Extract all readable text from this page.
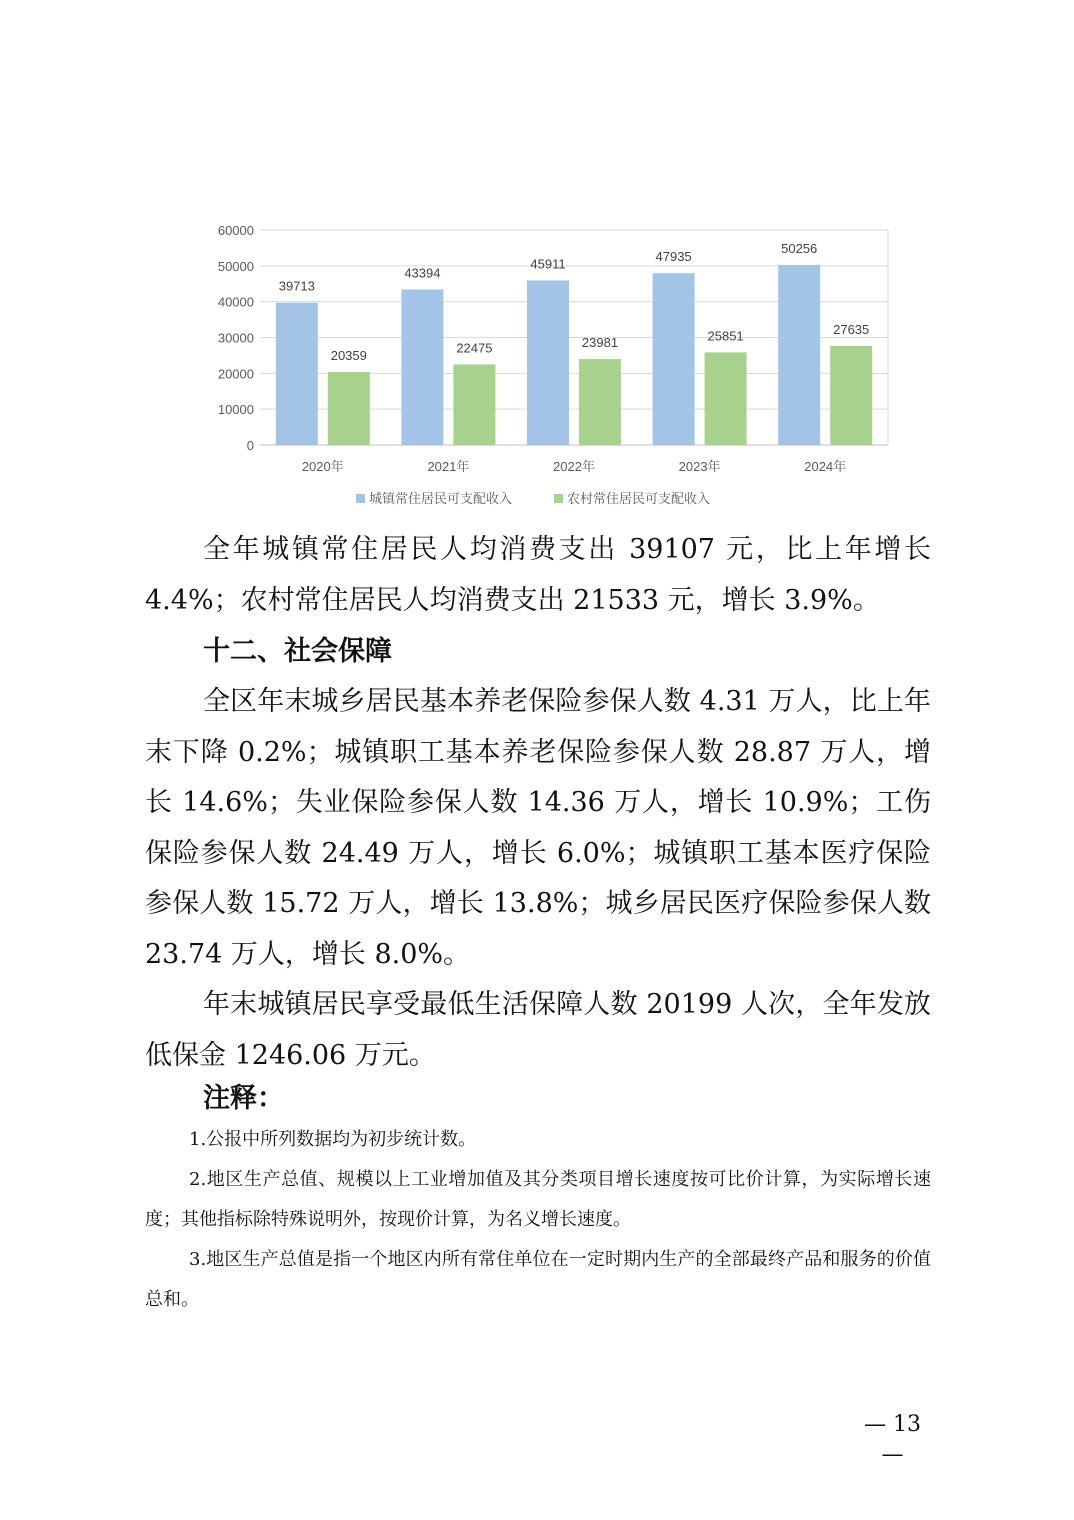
0
10000
20000
30000
40000
50000
60000
39713
20359
43394
22475
45911
23981
47935
25851
50256
27635
2020年	2021年	2022年	2023年	2024年
城镇常住居民可支配收入	农村常住居民可支配收入

全年城镇常住居民人均消费支出 39107 元，比上年增长 4.4%；农村常住居民人均消费支出 21533 元，增长 3.9%。

十二、社会保障

全区年末城乡居民基本养老保险参保人数 4.31 万人，比上年末下降 0.2%；城镇职工基本养老保险参保人数 28.87 万人，增长 14.6%；失业保险参保人数 14.36 万人，增长 10.9%；工伤保险参保人数 24.49 万人，增长 6.0%；城镇职工基本医疗保险参保人数 15.72 万人，增长 13.8%；城乡居民医疗保险参保人数 23.74 万人，增长 8.0%。

年末城镇居民享受最低生活保障人数 20199 人次，全年发放低保金 1246.06 万元。

注释：

1.公报中所列数据均为初步统计数。

2.地区生产总值、规模以上工业增加值及其分类项目增长速度按可比价计算，为实际增长速度；其他指标除特殊说明外，按现价计算，为名义增长速度。

3.地区生产总值是指一个地区内所有常住单位在一定时期内生产的全部最终产品和服务的价值总和。

— 13 —
